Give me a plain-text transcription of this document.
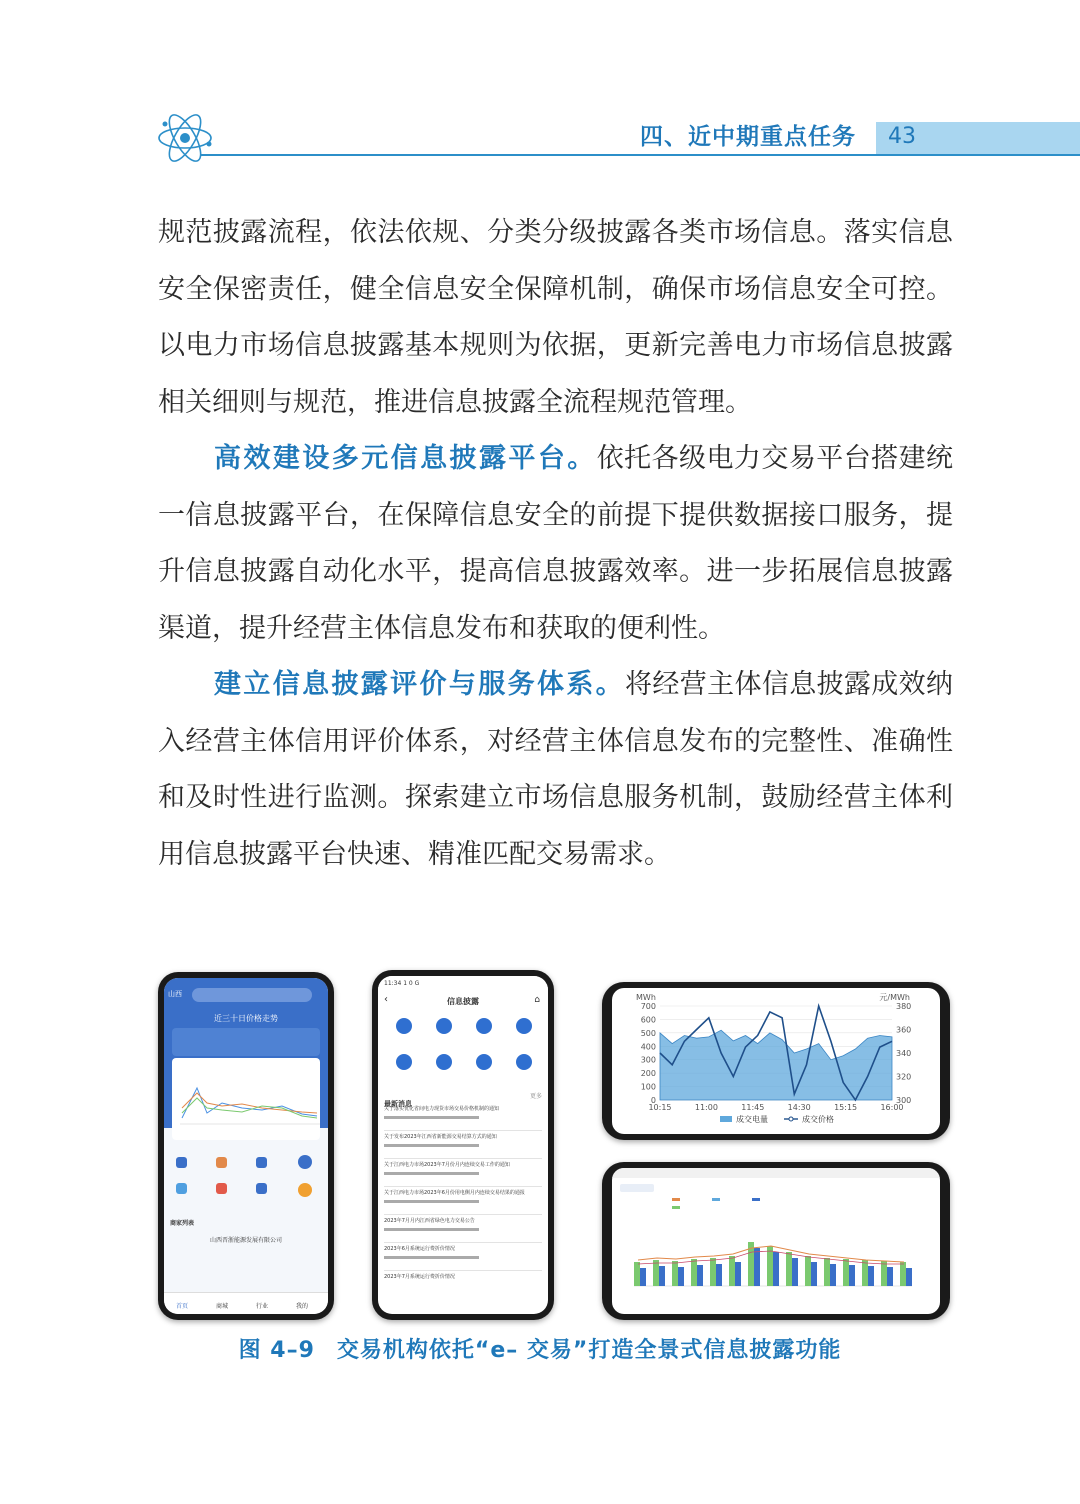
四、近中期重点任务 43

规范披露流程，依法依规、分类分级披露各类市场信息。落实信息安全保密责任，健全信息安全保障机制，确保市场信息安全可控。以电力市场信息披露基本规则为依据，更新完善电力市场信息披露相关细则与规范，推进信息披露全流程规范管理。

高效建设多元信息披露平台。依托各级电力交易平台搭建统一信息披露平台，在保障信息安全的前提下提供数据接口服务，提升信息披露自动化水平，提高信息披露效率。进一步拓展信息披露渠道，提升经营主体信息发布和获取的便利性。

建立信息披露评价与服务体系。将经营主体信息披露成效纳入经营主体信用评价体系，对经营主体信息发布的完整性、准确性和及时性进行监测。探索建立市场信息服务机制，鼓励经营主体利用信息披露平台快速、精准匹配交易需求。

山西
近三十日价格走势
商家列表
山西晋浙能源发展有限公司
首页	商城	行业	我的
11:34 1 0 G
‹	信息披露	⌂
最新消息
更多
关于落实优化省间电力现货市场交易价格机制的通知
关于发布2023年江西省新能源交易结算方式的通知
关于江西电力市场2023年7月份月内连续交易工作的通知
关于江西电力市场2023年6月份用电侧月内连续交易结果的通报
2023年7月月内江西省绿色电力交易公告
2023年6月系统运行费折价情况
2023年7月系统运行费折价情况
0
100
200
300
400
500
600
700
300
320
340
360
380
MWh	元/MWh
10:15	11:00	11:45	14:30	15:15	16:00
成交电量	成交价格
图 4–9 交易机构依托“e– 交易”打造全景式信息披露功能
